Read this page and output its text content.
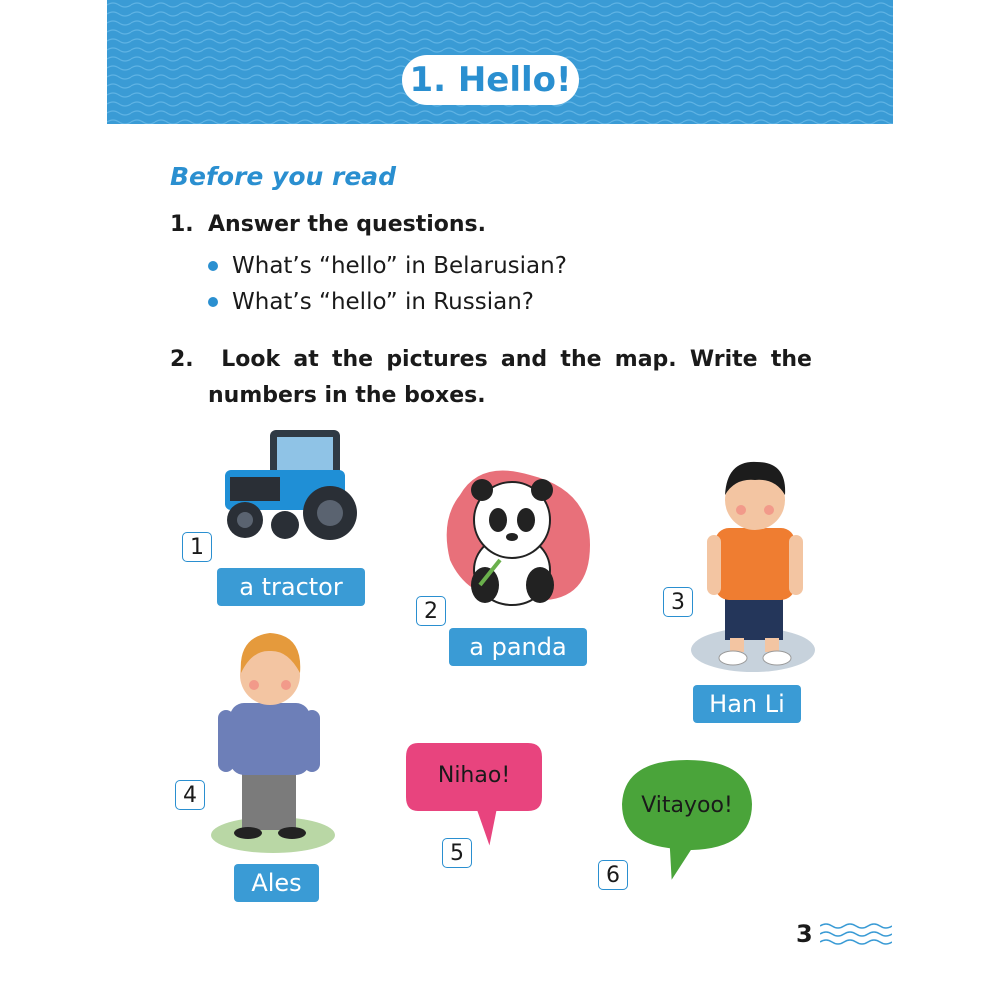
1. Hello!
Before you read
1. Answer the questions.
What’s “hello” in Belarusian?
What’s “hello” in Russian?
2.	Look at the pictures and the map. Write the
numbers in the boxes.
1
a tractor
2
a panda
3
Han Li
4
Ales
Nihao!
5
Vitayoo!
6
3
